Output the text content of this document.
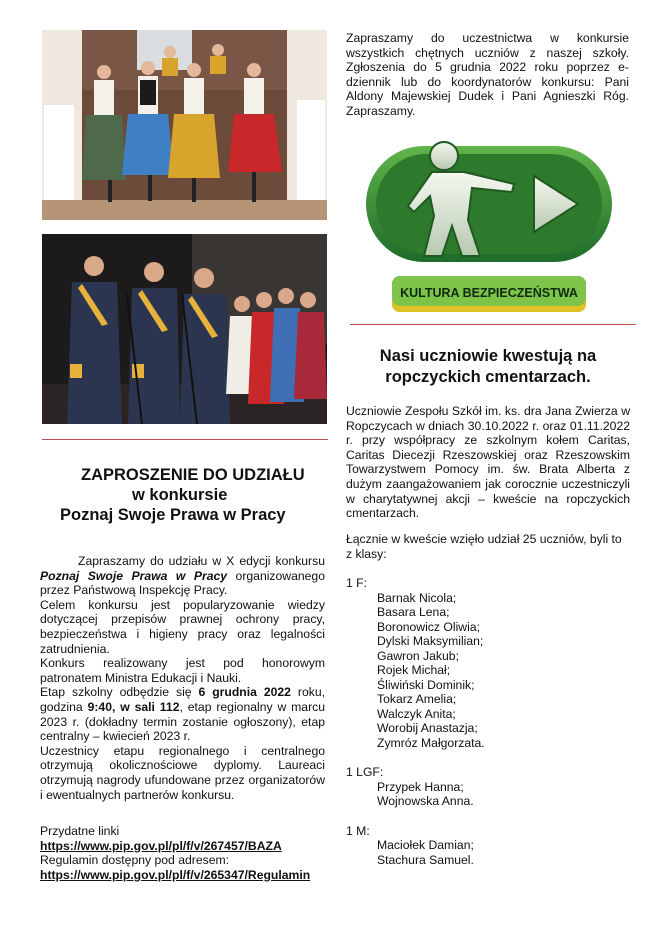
ZAPROSZENIE DO UDZIAŁU
w konkursie
Poznaj Swoje Prawa w Pracy

Zapraszamy do udziału w X edycji konkursu Poznaj Swoje Prawa w Pracy organizowanego przez Państwową Inspekcję Pracy.

Celem konkursu jest popularyzowanie wiedzy dotyczącej przepisów prawnej ochrony pracy, bezpieczeństwa i higieny pracy oraz legalności zatrudnienia.

Konkurs realizowany jest pod honorowym patronatem Ministra Edukacji i Nauki.

Etap szkolny odbędzie się 6 grudnia 2022 roku, godzina 9:40, w sali 112, etap regionalny w marcu 2023 r. (dokładny termin zostanie ogłoszony), etap centralny – kwiecień 2023 r.

Uczestnicy etapu regionalnego i centralnego otrzymują okolicznościowe dyplomy. Laureaci otrzymują nagrody ufundowane przez organizatorów i ewentualnych partnerów konkursu.

Przydatne linki
https://www.pip.gov.pl/pl/f/v/267457/BAZA
Regulamin dostępny pod adresem:
https://www.pip.gov.pl/pl/f/v/265347/Regulamin

Zapraszamy do uczestnictwa w konkursie wszystkich chętnych uczniów z naszej szkoły. Zgłoszenia do 5 grudnia 2022 roku poprzez e-dziennik lub do koordynatorów konkursu: Pani Aldony Majewskiej Dudek i Pani Agnieszki Róg. Zapraszamy.

KULTURA BEZPIECZEŃSTWA
Nasi uczniowie kwestują na
ropczyckich cmentarzach.

Uczniowie Zespołu Szkół im. ks. dra Jana Zwierza w Ropczycach w dniach 30.10.2022 r. oraz 01.11.2022 r. przy współpracy ze szkolnym kołem Caritas, Caritas Diecezji Rzeszowskiej oraz Rzeszowskim Towarzystwem Pomocy im. św. Brata Alberta z dużym zaangażowaniem jak corocznie uczestniczyli w charytatywnej akcji – kweście na ropczyckich cmentarzach.

Łącznie w kweście wzięło udział 25 uczniów, byli to z klasy:

1 F:
Barnak Nicola;
Basara Lena;
Boronowicz Oliwia;
Dylski Maksymilian;
Gawron Jakub;
Rojek Michał;
Śliwiński Dominik;
Tokarz Amelia;
Walczyk Anita;
Worobij Anastazja;
Zymróz Małgorzata.
1 LGF:
Przypek Hanna;
Wojnowska Anna.
1 M:
Maciołek Damian;
Stachura Samuel.
